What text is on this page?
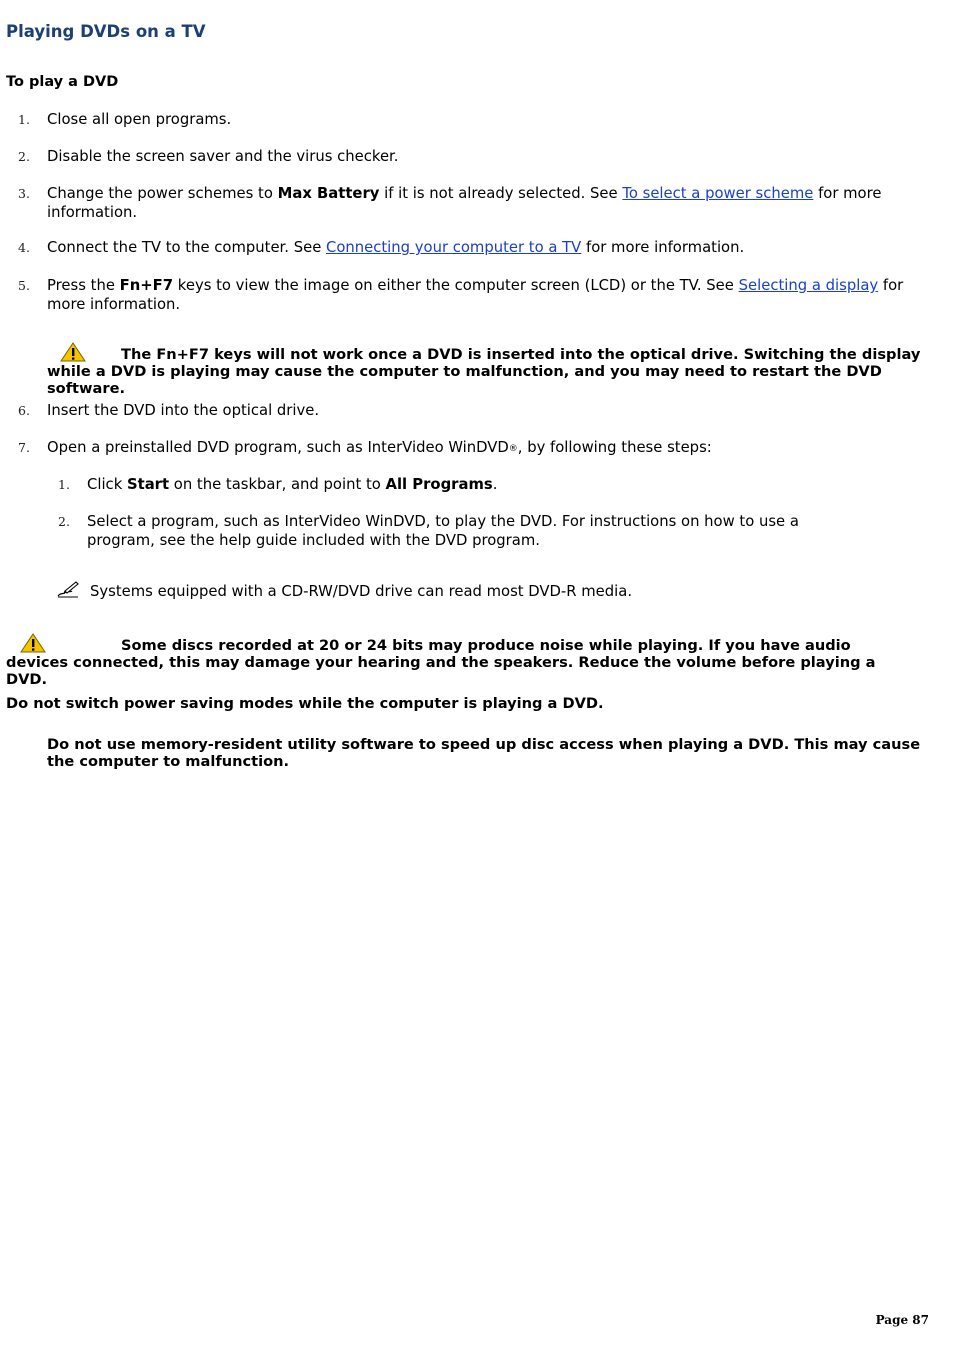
Playing DVDs on a TV
To play a DVD
1. Close all open programs.
2. Disable the screen saver and the virus checker.
3. Change the power schemes to Max Battery if it is not already selected. See To select a power scheme for more information.
4. Connect the TV to the computer. See Connecting your computer to a TV for more information.
5. Press the Fn+F7 keys to view the image on either the computer screen (LCD) or the TV. See Selecting a display for more information.
The Fn+F7 keys will not work once a DVD is inserted into the optical drive. Switching the display while a DVD is playing may cause the computer to malfunction, and you may need to restart the DVD software.
6. Insert the DVD into the optical drive.
7. Open a preinstalled DVD program, such as InterVideo WinDVD®, by following these steps:
1. Click Start on the taskbar, and point to All Programs.
2. Select a program, such as InterVideo WinDVD, to play the DVD. For instructions on how to use a program, see the help guide included with the DVD program.
Systems equipped with a CD-RW/DVD drive can read most DVD-R media.
Some discs recorded at 20 or 24 bits may produce noise while playing. If you have audio devices connected, this may damage your hearing and the speakers. Reduce the volume before playing a DVD.
Do not switch power saving modes while the computer is playing a DVD.
Do not use memory-resident utility software to speed up disc access when playing a DVD. This may cause the computer to malfunction.
Page 87
